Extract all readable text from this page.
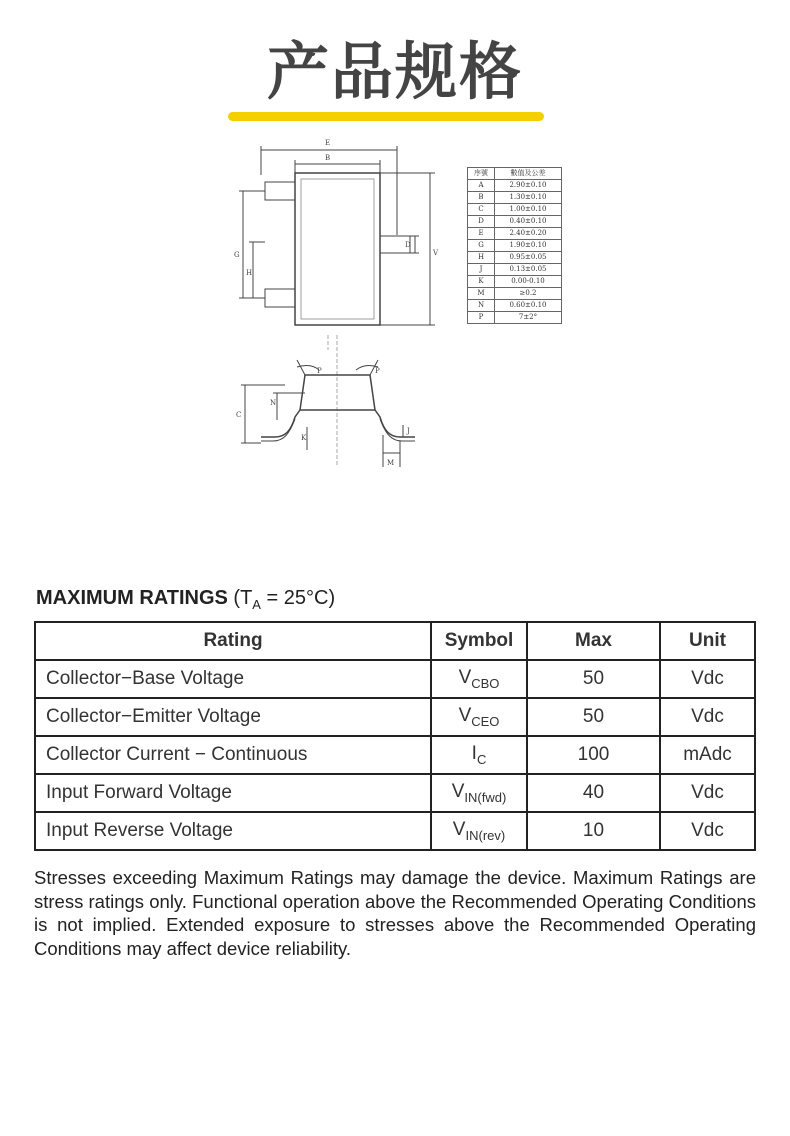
产品规格
E
B
G
H
D
V
C
N
K
M
J
P	P
序號	數值及公差
A	2.90±0.10
B	1.30±0.10
C	1.00±0.10
D	0.40±0.10
E	2.40±0.20
G	1.90±0.10
H	0.95±0.05
J	0.13±0.05
K	0.00-0.10
M	≥0.2
N	0.60±0.10
P	7±2°
MAXIMUM RATINGS $(T_A = 25^\circ C)$
Rating	Symbol	Max	Unit
Collector−Base Voltage	$V_{CBO}$	50	Vdc
Collector−Emitter Voltage	$V_{CEO}$	50	Vdc
Collector Current − Continuous	$I_C$	100	mAdc
Input Forward Voltage	$V_{IN(fwd)}$	40	Vdc
Input Reverse Voltage	$V_{IN(rev)}$	10	Vdc
Stresses exceeding Maximum Ratings may damage the device. Maximum Ratings are stress ratings only. Functional operation above the Recommended Operating Conditions is not implied. Extended exposure to stresses above the Recommended Operating Conditions may affect device reliability.
